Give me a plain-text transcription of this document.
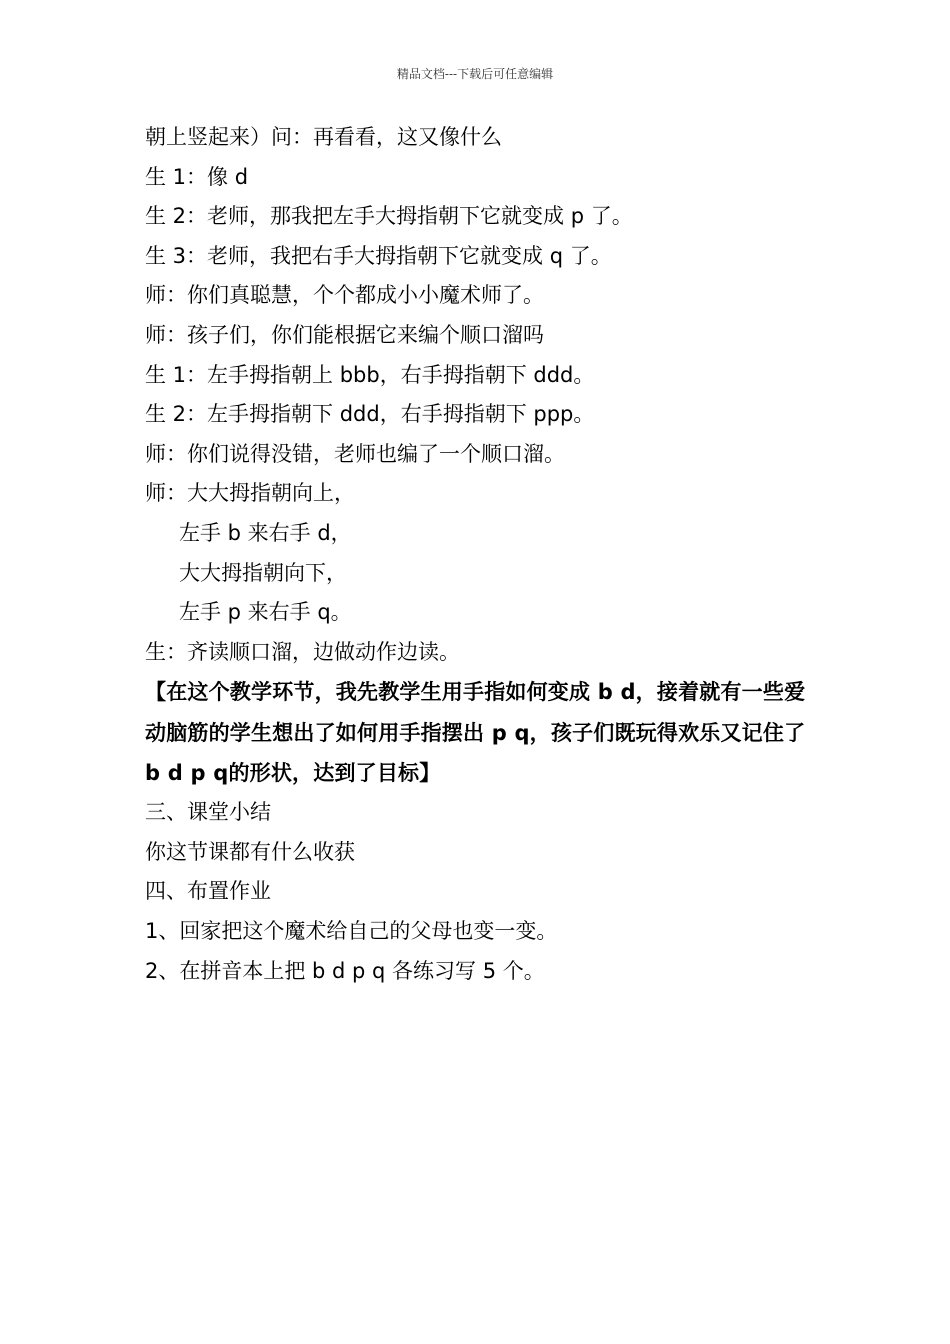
精品文档---下载后可任意编辑
朝上竖起来）问：再看看，这又像什么
生 1：像 d
生 2：老师，那我把左手大拇指朝下它就变成 p 了。
生 3：老师，我把右手大拇指朝下它就变成 q 了。
师：你们真聪慧，个个都成小小魔术师了。
师：孩子们，你们能根据它来编个顺口溜吗
生 1：左手拇指朝上 bbb，右手拇指朝下 ddd。
生 2：左手拇指朝下 ddd，右手拇指朝下 ppp。
师：你们说得没错，老师也编了一个顺口溜。
师：大大拇指朝向上，
左手 b 来右手 d，
大大拇指朝向下，
左手 p 来右手 q。
生：齐读顺口溜，边做动作边读。

【在这个教学环节，我先教学生用手指如何变成 b d，接着就有一些爱动脑筋的学生想出了如何用手指摆出 p q，孩子们既玩得欢乐又记住了 b d p q的形状，达到了目标】

三、课堂小结
你这节课都有什么收获
四、布置作业
1、回家把这个魔术给自己的父母也变一变。
2、在拼音本上把 b d p q 各练习写 5 个。
